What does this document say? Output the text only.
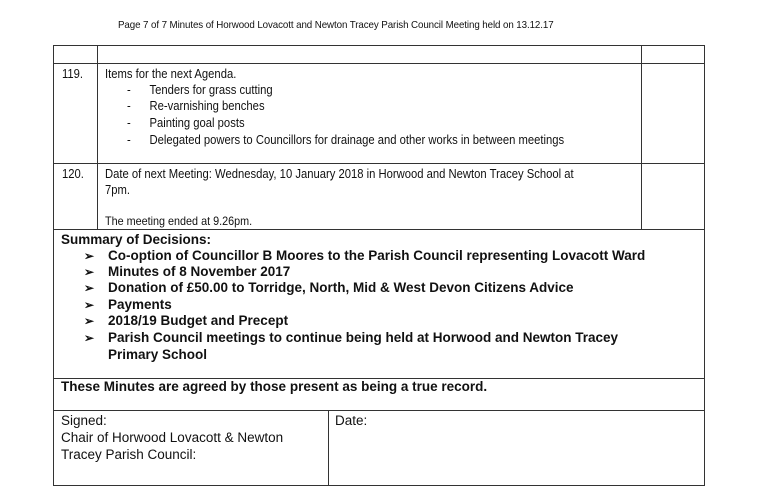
Page 7 of 7 Minutes of Horwood Lovacott and Newton Tracey Parish Council Meeting held on 13.12.17
119. Items for the next Agenda.
- Tenders for grass cutting
- Re-varnishing benches
- Painting goal posts
- Delegated powers to Councillors for drainage and other works in between meetings
120. Date of next Meeting: Wednesday, 10 January 2018 in Horwood and Newton Tracey School at
7pm.
The meeting ended at 9.26pm.
Summary of Decisions:
➢ Co-option of Councillor B Moores to the Parish Council representing Lovacott Ward
➢ Minutes of 8 November 2017
➢ Donation of £50.00 to Torridge, North, Mid & West Devon Citizens Advice
➢ Payments
➢ 2018/19 Budget and Precept
➢ Parish Council meetings to continue being held at Horwood and Newton Tracey
Primary School
These Minutes are agreed by those present as being a true record.
Signed:
Chair of Horwood Lovacott & Newton
Tracey Parish Council:
Date:
